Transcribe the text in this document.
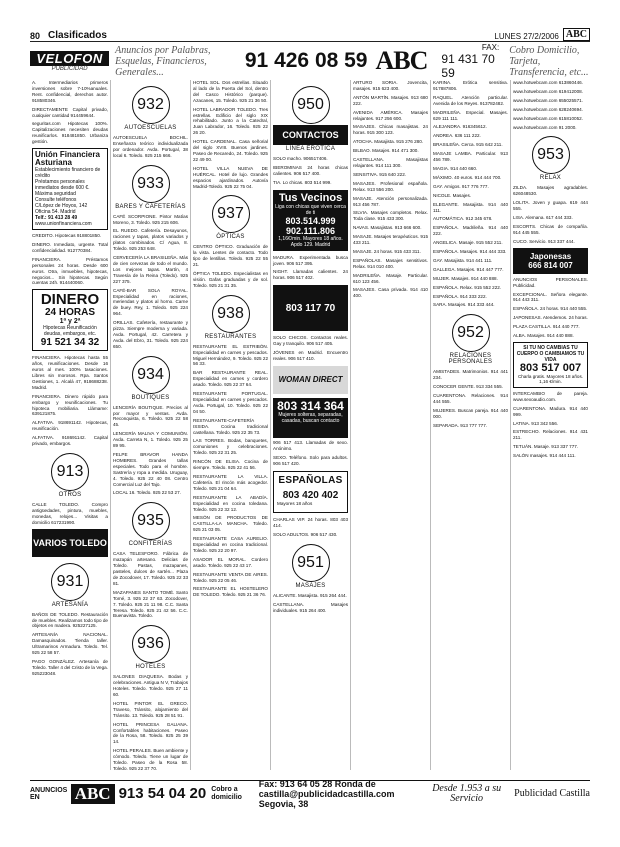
80 Clasificados	LUNES 27/2/2006 ABC
VELOFON
PUBLICIDAD
Anuncios por Palabras, Esquelas, Financieros, Generales...	91 426 08 59 ABC	FAX:
91 431 70 59
Cobro Domicilio, Tarjeta, Transferencia, etc...

A. Intermediarios primeros inversiones sobre 7-10%anuales. Rent. confidencial, derechos autor. 918580346.

DIRECTAMENTE Capital privado, cualquier cantidad 914459644.

seguritas.com Hipotecas 100%. Capitalizaciones necesiten deudas reunificarlos. 918481850. Urbaniza gestión.

Unión Financiera Asturiana
Establecimiento financiero de crédito
Préstamos personales inmediatos desde 600 €. Máxima seguridad
Consulte teléfonos
C/López de Hoyos, 142
Oficina 54. Madrid
Telf.: 91 413 28 49
www.unionfinanciera.com

CREDITO. Hipotecas 918801850.

DINERO. Inmediato, urgente. Total confidencialidad. 912770384.

FINANCIERA. Préstamos personales 24 horas. Desde 600 euros. Otra, inmuebles, hipotecas, negocios... Sin hipotecas. Según cuentas 24h. 914440060.

DINERO
24 HORAS
1ª y 2ª
Hipotecas Reunificación deudas, embargos, etc.
91 521 34 32

FINANCIERA. Hipotecas hasta 55 años, reunificaciones. Desde 16 euros al mes. 100% tasaciones. Libres sin morosos. Rpa. Santos Gestiones, 1. Alcalá 47, 918688238. Madrid.

FINANCIERA. Dinero rápido para embargo y reunificaciones. Tu hipoteca mobiliaria. Llámame: 639121875.

ALFATIVA. 918691142. Hipotecas, reunificación.

ALFATIVA. 918691142. Capital privado, embargos.

913
OTROS

CALLE TOLEDO. Compro antigüedades, pintura, muebles, monedas, relojes... Visitas a domicilio 617231990.

VARIOS TOLEDO
931
ARTESANÍA

BAÑOS DE TOLEDO. Restauración de muebles. Realizamos todo tipo de objetos en madera. 925227125.

ARTESANÍA NACIONAL. Damasquinados. Tienda taller. Ultramarinos Armadura. Toledo. Tel. 925 22 58 57.

PAGO GONZÁLEZ. Artesanía de Toledo. Taller 4 del Cristo de la Vega. 925223048.

932
AUTOESCUELAS

AUTOESCUELA BOCHIL. Enseñanza teórico individualizada por ordenador. Avda. Portugal, 38 local 6. Toledo. 925 215 666.

933
BARES Y CAFETERÍAS

CAFÉ SCORPIONE. Pintor Matías Moreno, 3. Toledo. 925 215 606.

EL RUEDO. Cafetería. Desayunos, raciones y tapas, platos variados y platos combinados. C/ Agua, 8. Toledo. 925 253 648.

CERVECERÍA LA BRASILEÑA. Más de cien cervezas de todo el mundo. Los mejores tapas. Martín, 4 Travesía de la Reina (Toledo). 925 227 375.

CAFÉ-BAR SOLA ROYAL. Especialidad en raciones, meriendas y platos al horno. Carne de buey. Rey, 1. Toledo. 925 224 964.

ORILLAS. Cafetería, restaurante y pizza. Siempre moderna y variada. Avda. Portugal, 42. Carretera y Avda. del Ebro, 31. Toledo. 925 224 650.

934
BOUTIQUES

LENCERÍA BOUTIQUE. Precios al por mayor y ventas. Avda. Reconquista, 6. Toledo. 925 22 58 45.

LENCERÍA MALIVA Y COMUNIÓN. Avda. Carreta N, 1. Toledo. 925 25 89 95.

FELPE BRAVOR HANDA HOMBRES. Grandes tallas especiales. Todo para el hombre. Sastrería y ropa a medida. Uruguay, 4. Toledo. 925 22 40 08. Centro Comercial Luz del Tajo.

LOCAL 16. Toledo. 925 22 53 27.

935
CONFITERÍAS

CASA TELESFORO. Fábrica de mazapán artesano. Delicias de Toledo. Pastas, mazapanes, pasteles, dulces de sartén... Plaza de Zocodover, 17. Toledo. 925 22 33 81.

MAZAPANES SANTO TOMÉ. Santo Tomé, 3. 925 22 37 63. Zocodover, 7. Toledo. 925 21 11 98. C.C. Santa Teresa. Toledo. 925 21 42 56. C.C. Buenavista. Toledo.

936
HOTELES

SALONES DIAQUESA. Bodas y celebraciones. Antigua N V, Trabajos Hoteles. Toledo. Toledo. 925 27 11 60.

HOTEL PINTOR EL GRECO. Traveso, Tránsito, alojamiento del Tránsito. 13. Toledo. 925 28 51 91.

HOTEL PRINCESA GALIANA. Confortables habitaciones. Paseo de la Rosa, 58. Toledo. 925 25 39 14.

HOTEL PERALES. Buen ambiente y cómodo. Toledo. Tiene un lugar de Toledo. Paseo de la Rosa 58. Toledo. 925 22 37 70.

HOTEL SOL. Dos estrellas. Situado al lado de la Puerta del Sol, dentro del Casco Histórico (parque). Azacanes, 15. Toledo. 925 21 36 50.

HOTEL LABRADOR TOLEDO. Tres estrellas. Edificio del siglo XIX rehabilitado. Junto a la Catedral, Juan Labrador, 16. Toledo. 925 22 26 20.

HOTEL CARDENAL. Casa señorial del siglo XVIII. Buenos jardines. Paseo de Recaredo, 24. Toledo. 925 22 49 00.

HOTEL VILLA NUEVA DE HUÉRCAL. Hotel de lujo. Grandes espacios ajardinados. Autovía Madrid-Toledo. 925 22 75 04.

937
ÓPTICAS

CENTRO ÓPTICO. Graduación de la vista. Lentes de contacto. Todo tipo de lentillas. Toledo. 925 22 55 21.

ÓPTICA TOLEDO. Especialistas en visión. Gafas graduadas y de sol. Toledo. 925 21 31 35.

938
RESTAURANTES

RESTAURANTE EL ESTRIBÓN. Especialidad en carnes y pescados. Miguel Hernández, 9. Toledo. 925 22 56 33.

BAR RESTAURANTE REAL. Especialidad en carnes y cordero asado. Toledo. 925 22 37 64.

RESTAURANTE PORTUGAL. Especialidad en carnes y pescados. Avda. Portugal, 10. Toledo. 925 22 04 50.

RESTAURANTE-CAFETERÍA ISSIDA. Cocina tradicional castellana. Toledo. 925 22 35 73.

LAS TORRES. Bodas, banquetes, comuniones y celebraciones. Toledo. 925 22 31 25.

RINCÓN DE ELISA. Cocina de siempre. Toledo. 925 22 41 56.

RESTAURANTE LA VILLA. Cafetería. El rincón más acogedor. Toledo. 925 21 04 64.

RESTAURANTE LA ABADÍA. Especialidad en cocina toledana. Toledo. 925 22 32 12.

MESÓN DE PRODUCTOS DE CASTILLA-LA MANCHA. Toledo. 925 21 03 05.

RESTAURANTE CASA AURELIO. Especialidad en cocina tradicional. Toledo. 925 22 20 97.

ASADOR EL MORAL. Cordero asado. Toledo. 925 22 43 17.

RESTAURANTE VENTA DE AIRES. Toledo. 925 22 05 46.

RESTAURANTE EL HOSTELERO DE TOLEDO. Toledo. 925 21 36 76.

950
CONTACTOS
LÍNEA ERÓTICA

SOLO macho. 906517406.

IBEROMINAS 24 horas chicas calientes. 906 517 400.

TIA. Lo chicas. 803 514 999.

Tus Vecinos
Liga con chicas que viven cerca de ti
803.514.999
902.111.806
1,16€/min. Mayores 18 años. Apdo 129. Madrid

MADURA. Experimentada busca joven. 906 517 395.

NIGHT. Llamadas calientes. 24 horas. 906 517 402.

803 117 70

SOLO CHICOS. Contactos reales. Gay y tranquilo. 906 517 405.

JÓVENES en Madrid. Encuentro reales. 906 517 410.

WOMAN DIRECT
803 314 364
Mujeres solteras, separadas, casadas, buscan contacto

906 517 413. Llamadas de sexo. Anónimo.

SEXO. Teléfono. Solo para adultos. 906 517 420.

ESPAÑOLAS
803 420 402
Mayores 18 años

CHARLAS VIP. 24 horas. 803 403 414.

SOLO ADULTOS. 906 517 430.

951
MASAJES

ALICANTE. Masajista. 915 264 444.

CASTELLANA. Masajes individuales. 915 264 400.

ARTURO SORIA. Jovencita, masajes. 915 623 400.

ANTÓN MARTÍN. Masajes. 913 680 222.

AVENIDA AMÉRICA. Masajes relajantes. 917 256 600.

MASAJES. Chicas masajistas. 24 horas. 915 300 123.

ATOCHA. Masajista. 915 276 280.

BILBAO. Masajes. 914 471 300.

CASTELLANA. Masajistas relajantes. 914 111 300.

SENSITIVA. 915 640 222.

MASAJES. Profesional española. Relax. 913 556 200.

MASAJE. Atención personalizada. 913 456 787.

SILVIA. Masajes completos. Relax. Toda clase. 915 433 300.

NAVAS. Masajistas. 913 666 600.

MASAJE. Masajes terapéuticos. 915 433 211.

MASAJE. 24 horas. 915 433 311.

ESPAÑOLAS. Masajes sensitivos. Relax. 914 010 400.

MADRILEÑA. Masaje. Particular. 610 123 456.

MASAJES. Casa privada. 914 410 400.

KARINA. Erótica sensitiva. 917887806.

RAQUEL. Atención particular. Avenida de los Reyes. 913782482.

MADRILEÑA. Especial. Masajes. 629 111 111.

ALEJANDRA. 916345612.

ANDREA. 636 111 222.

BRASILEÑA. Cerca. 915 642 211.

MASAJE LAMBA. Particular. 913 456 789.

MAGIA. 914 440 660.

MÁXIMO. 40 euros. 914 444 700.

GAY. Amigos. 917 776 777.

NICOLE. Masajes.

ELEGANTE. Masajista. 914 440 111.

AUTOMÁTICA. 912 345 678.

ESPAÑOLA. Madrileña. 914 440 222.

ANGELICA. Masaje. 915 552 211.

ESPAÑOLA. Masajes. 914 444 333.

GAY. Masajista. 914 441 111.

GALLEGA. Masajes. 914 447 777.

MUJER. Masajes. 914 440 888.

ESPAÑOLA. Relax. 915 552 222.

ESPAÑOLA. 914 333 222.

SARA. Masajes. 914 333 444.

952
RELACIONES PERSONALES

AMISTADES. Matrimonios. 914 441 234.

CONOCER GENTE. 913 334 555.

CUARENTONA. Relaciones. 914 444 555.

MUJERES. Buscan pareja. 914 440 000.

SEPARADA. 913 777 777.

www.hotwebcam.com 613860446.

www.hotwebcam.com 619412008.

www.hotwebcam.com 655025571.

www.hotwebcam.com 628240694.

www.hotwebcam.com 615810052.

www.hotwebcam.com 91 2000.

953
RELAX

ZILDA. Masajes agradables. 626048530.

LOLITA. Joven y guapa. 619 444 555.

LISA. Alemana. 617 444 333.

ESCORTS. Chicas de compañía. 914 445 555.

CUCO. Servicio. 913 337 444.

Japonesas
666 814 007

ANUNCIOS PERSONALES. Publicidad.

EXCEPCIONAL. Señora elegante. 914 443 311.

ESPAÑOLA. 24 horas. 914 440 555.

JAPONESAS. Atendemos. 24 horas.

PLAZA CASTILLA. 914 440 777.

ALBA. Masajes. 914 440 888.

SI TU NO CAMBIAS TU CUERPO O CAMBIAMOS TU VIDA
803 517 007
Charla gratis. Mayores 18 años. 1,16 €/min.

INTERCAMBIO de pareja. www.sexoaudio.com.

CUARENTONA. Madura. 914 440 999.

LATINA. 913 342 556.

ESTRECHO. Relaciones. 914 431 211.

TETUÁN. Masaje. 913 337 777.

SALÓN masajes. 914 444 111.

ANUNCIOS EN	ABC 913 54 04 20 Cobro a domicilio
Fax: 913 64 05 28 Ronda de castilla@publicidadcastilla.com Segovia, 38
Desde 1.953 a su Servicio	Publicidad Castilla
